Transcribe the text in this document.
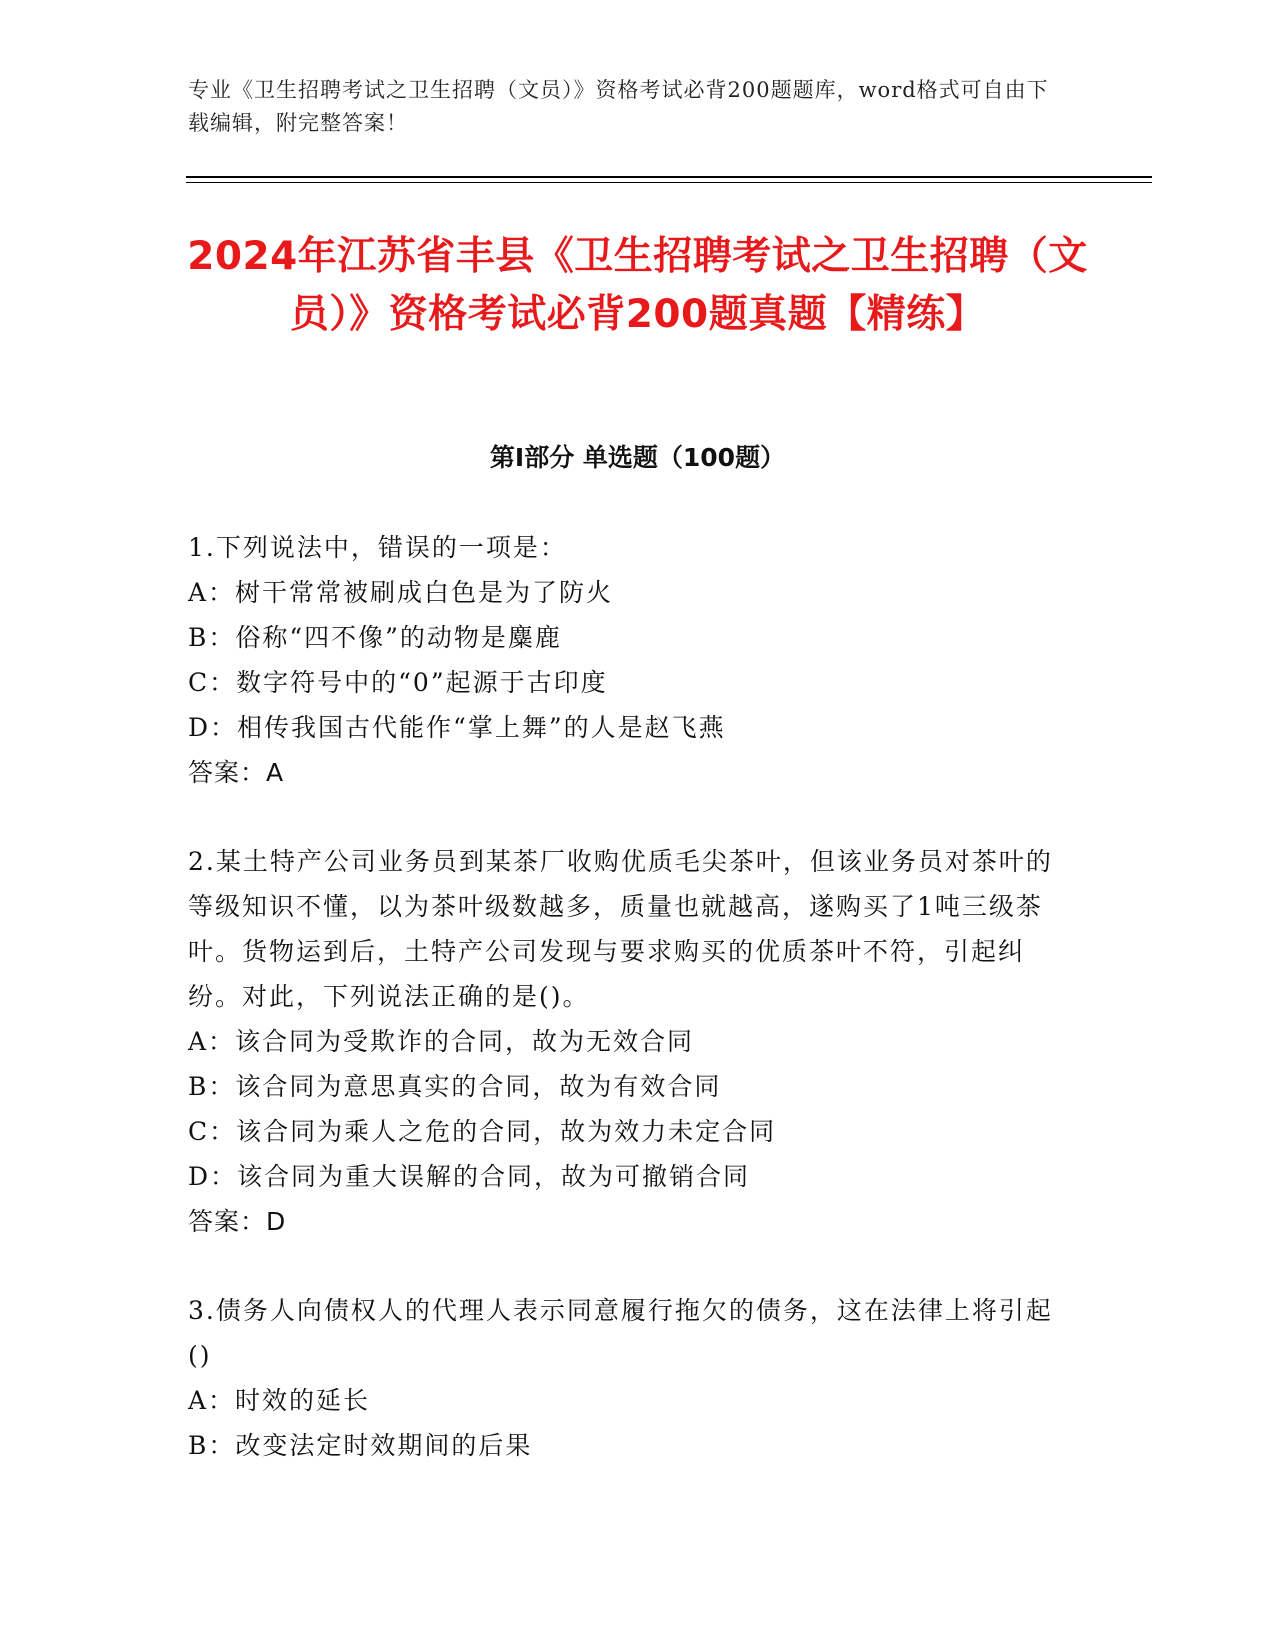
专业《卫生招聘考试之卫生招聘（文员）》资格考试必背200题题库，word格式可自由下载编辑，附完整答案！
2024年江苏省丰县《卫生招聘考试之卫生招聘（文员）》资格考试必背200题真题【精练】
第Ⅰ部分 单选题（100题）
1.下列说法中，错误的一项是：
A：树干常常被刷成白色是为了防火
B：俗称“四不像”的动物是麋鹿
C：数字符号中的“0”起源于古印度
D：相传我国古代能作“掌上舞”的人是赵飞燕
答案：A
2.某土特产公司业务员到某茶厂收购优质毛尖茶叶，但该业务员对茶叶的等级知识不懂，以为茶叶级数越多，质量也就越高，遂购买了1吨三级茶叶。货物运到后，土特产公司发现与要求购买的优质茶叶不符，引起纠纷。对此，下列说法正确的是()。
A：该合同为受欺诈的合同，故为无效合同
B：该合同为意思真实的合同，故为有效合同
C：该合同为乘人之危的合同，故为效力未定合同
D：该合同为重大误解的合同，故为可撤销合同
答案：D
3.债务人向债权人的代理人表示同意履行拖欠的债务，这在法律上将引起()
A：时效的延长
B：改变法定时效期间的后果
